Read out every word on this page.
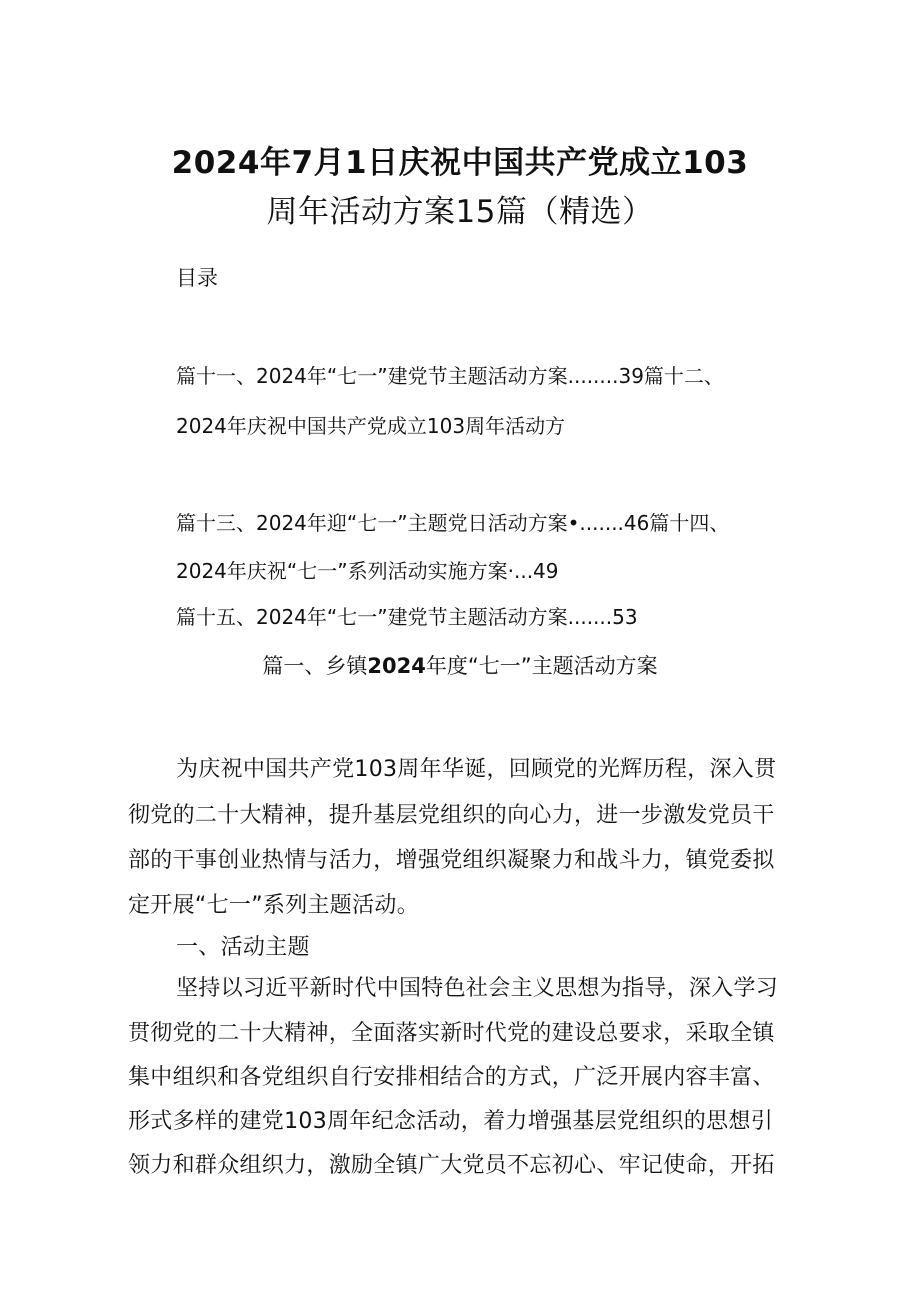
2024年7月1日庆祝中国共产党成立103
周年活动方案15篇（精选）
目录
篇十一、2024年“七一”建党节主题活动方案........39篇十二、
2024年庆祝中国共产党成立103周年活动方
篇十三、2024年迎“七一”主题党日活动方案•.......46篇十四、
2024年庆祝“七一”系列活动实施方案·...49
篇十五、2024年“七一”建党节主题活动方案.......53
篇一、乡镇2024年度“七一”主题活动方案
为庆祝中国共产党103周年华诞，回顾党的光辉历程，深入贯
彻党的二十大精神，提升基层党组织的向心力，进一步激发党员干
部的干事创业热情与活力，增强党组织凝聚力和战斗力，镇党委拟
定开展“七一”系列主题活动。
一、活动主题
坚持以习近平新时代中国特色社会主义思想为指导，深入学习
贯彻党的二十大精神，全面落实新时代党的建设总要求，采取全镇
集中组织和各党组织自行安排相结合的方式，广泛开展内容丰富、
形式多样的建党103周年纪念活动，着力增强基层党组织的思想引
领力和群众组织力，激励全镇广大党员不忘初心、牢记使命，开拓
